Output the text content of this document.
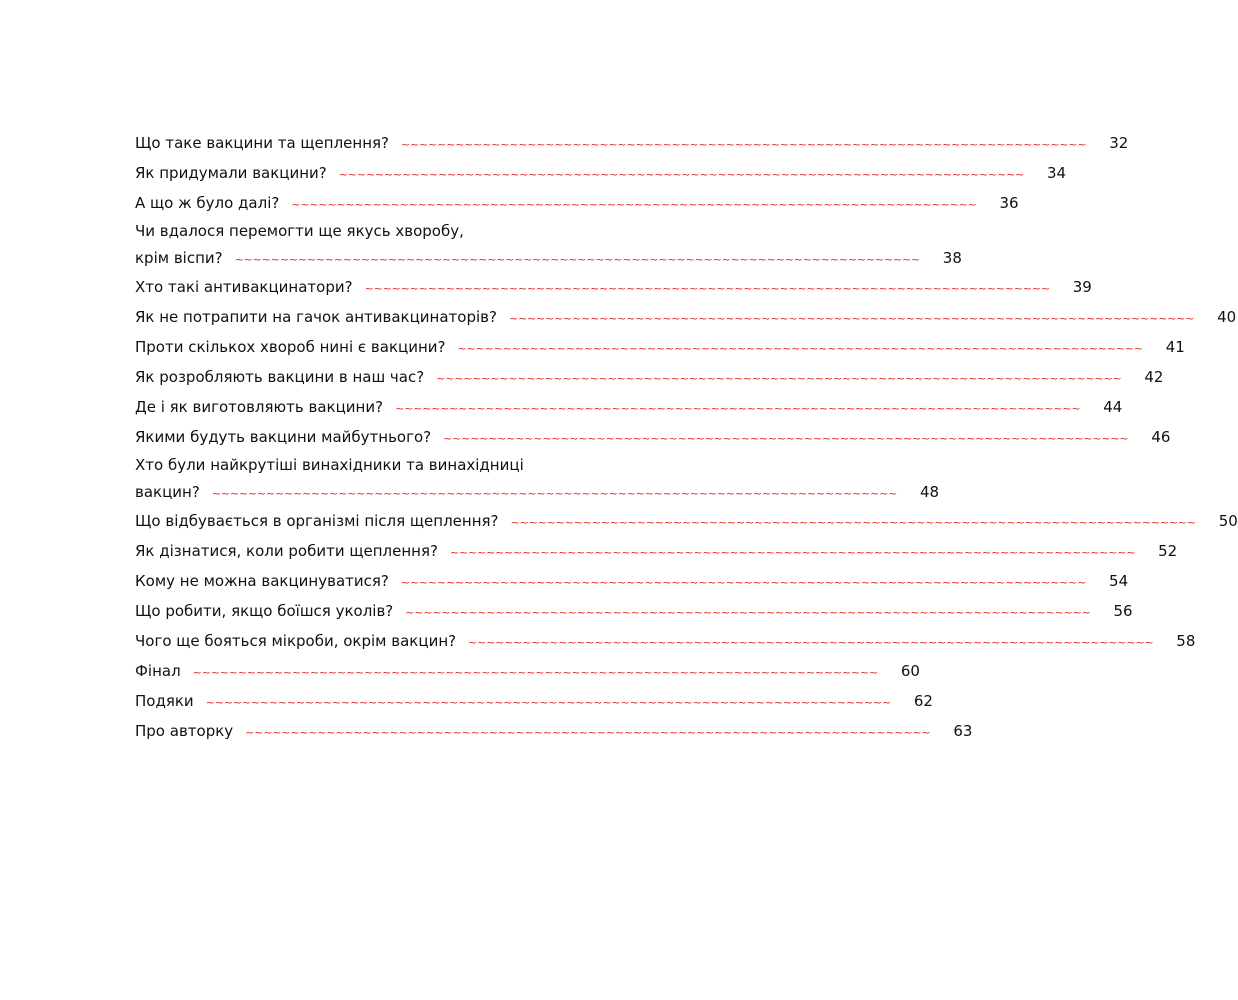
Що таке вакцини та щеплення?	~~~~~~~~~~~~~~~~~~~~~~~~~~~~~~~~~~~~~~~~~~~~~~~~~~~~~~~~~~~~~~~~~~~~~~~~~~~~	32
Як придумали вакцини?	~~~~~~~~~~~~~~~~~~~~~~~~~~~~~~~~~~~~~~~~~~~~~~~~~~~~~~~~~~~~~~~~~~~~~~~~~~~~	34
А що ж було далі?	~~~~~~~~~~~~~~~~~~~~~~~~~~~~~~~~~~~~~~~~~~~~~~~~~~~~~~~~~~~~~~~~~~~~~~~~~~~~	36
Чи вдалося перемогти ще якусь хворобу,
крім віспи?	~~~~~~~~~~~~~~~~~~~~~~~~~~~~~~~~~~~~~~~~~~~~~~~~~~~~~~~~~~~~~~~~~~~~~~~~~~~~	38
Хто такі антивакцинатори?	~~~~~~~~~~~~~~~~~~~~~~~~~~~~~~~~~~~~~~~~~~~~~~~~~~~~~~~~~~~~~~~~~~~~~~~~~~~~	39
Як не потрапити на гачок антивакцинаторів?	~~~~~~~~~~~~~~~~~~~~~~~~~~~~~~~~~~~~~~~~~~~~~~~~~~~~~~~~~~~~~~~~~~~~~~~~~~~~	40
Проти скількох хвороб нині є вакцини?	~~~~~~~~~~~~~~~~~~~~~~~~~~~~~~~~~~~~~~~~~~~~~~~~~~~~~~~~~~~~~~~~~~~~~~~~~~~~	41
Як розробляють вакцини в наш час?	~~~~~~~~~~~~~~~~~~~~~~~~~~~~~~~~~~~~~~~~~~~~~~~~~~~~~~~~~~~~~~~~~~~~~~~~~~~~	42
Де і як виготовляють вакцини?	~~~~~~~~~~~~~~~~~~~~~~~~~~~~~~~~~~~~~~~~~~~~~~~~~~~~~~~~~~~~~~~~~~~~~~~~~~~~	44
Якими будуть вакцини майбутнього?	~~~~~~~~~~~~~~~~~~~~~~~~~~~~~~~~~~~~~~~~~~~~~~~~~~~~~~~~~~~~~~~~~~~~~~~~~~~~	46
Хто були найкрутіші винахідники та винахідниці
вакцин?	~~~~~~~~~~~~~~~~~~~~~~~~~~~~~~~~~~~~~~~~~~~~~~~~~~~~~~~~~~~~~~~~~~~~~~~~~~~~	48
Що відбувається в організмі після щеплення?	~~~~~~~~~~~~~~~~~~~~~~~~~~~~~~~~~~~~~~~~~~~~~~~~~~~~~~~~~~~~~~~~~~~~~~~~~~~~	50
Як дізнатися, коли робити щеплення?	~~~~~~~~~~~~~~~~~~~~~~~~~~~~~~~~~~~~~~~~~~~~~~~~~~~~~~~~~~~~~~~~~~~~~~~~~~~~	52
Кому не можна вакцинуватися?	~~~~~~~~~~~~~~~~~~~~~~~~~~~~~~~~~~~~~~~~~~~~~~~~~~~~~~~~~~~~~~~~~~~~~~~~~~~~	54
Що робити, якщо боїшся уколів?	~~~~~~~~~~~~~~~~~~~~~~~~~~~~~~~~~~~~~~~~~~~~~~~~~~~~~~~~~~~~~~~~~~~~~~~~~~~~	56
Чого ще бояться мікроби, окрім вакцин?	~~~~~~~~~~~~~~~~~~~~~~~~~~~~~~~~~~~~~~~~~~~~~~~~~~~~~~~~~~~~~~~~~~~~~~~~~~~~	58
Фінал	~~~~~~~~~~~~~~~~~~~~~~~~~~~~~~~~~~~~~~~~~~~~~~~~~~~~~~~~~~~~~~~~~~~~~~~~~~~~	60
Подяки	~~~~~~~~~~~~~~~~~~~~~~~~~~~~~~~~~~~~~~~~~~~~~~~~~~~~~~~~~~~~~~~~~~~~~~~~~~~~	62
Про авторку	~~~~~~~~~~~~~~~~~~~~~~~~~~~~~~~~~~~~~~~~~~~~~~~~~~~~~~~~~~~~~~~~~~~~~~~~~~~~	63
